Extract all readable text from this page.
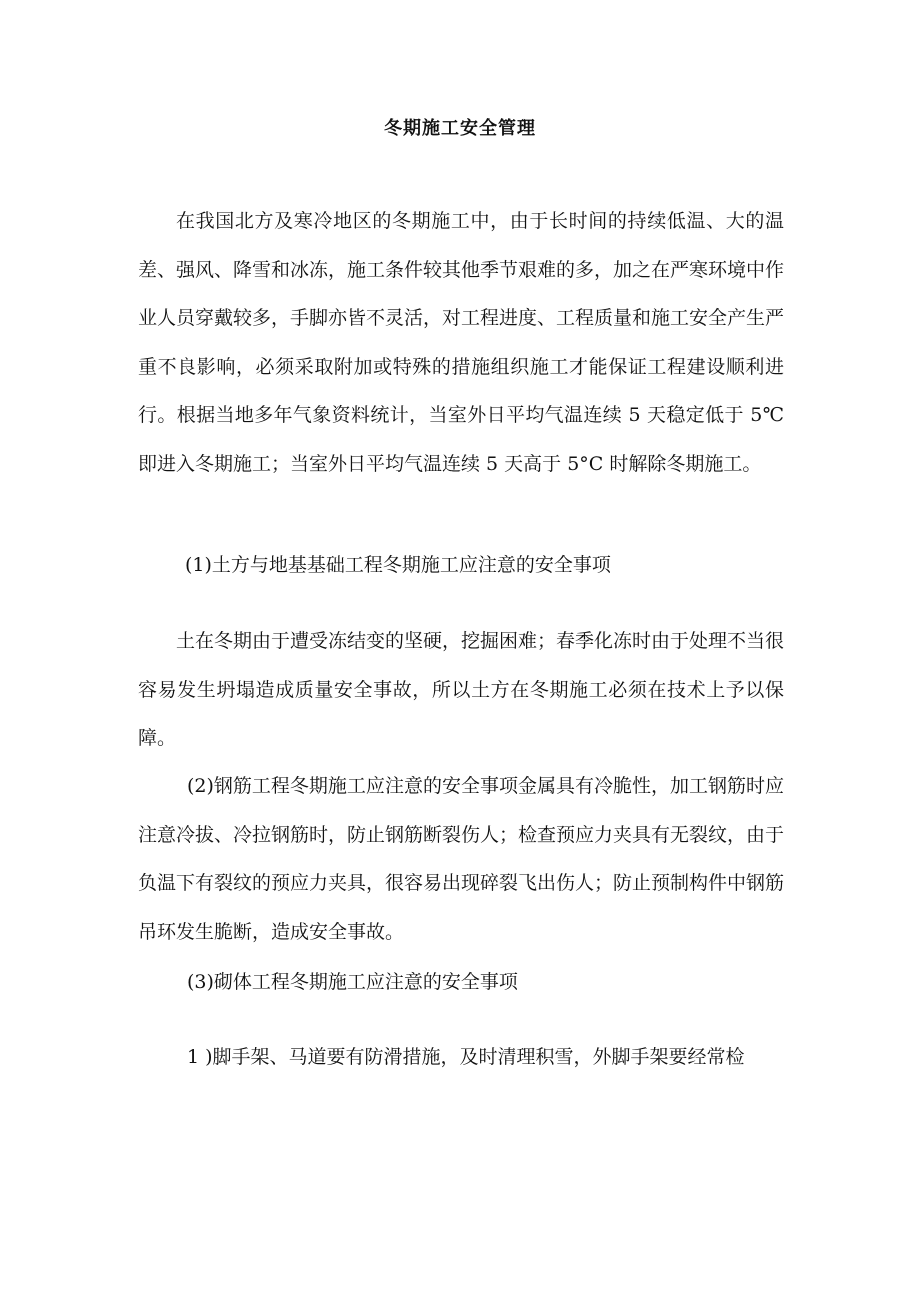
冬期施工安全管理

在我国北方及寒冷地区的冬期施工中，由于长时间的持续低温、大的温差、强风、降雪和冰冻，施工条件较其他季节艰难的多，加之在严寒环境中作业人员穿戴较多，手脚亦皆不灵活，对工程进度、工程质量和施工安全产生严重不良影响，必须采取附加或特殊的措施组织施工才能保证工程建设顺利进行。根据当地多年气象资料统计，当室外日平均气温连续 5 天稳定低于 5℃即进入冬期施工；当室外日平均气温连续 5 天高于 5°C 时解除冬期施工。

(1)土方与地基基础工程冬期施工应注意的安全事项

土在冬期由于遭受冻结变的坚硬，挖掘困难；春季化冻时由于处理不当很容易发生坍塌造成质量安全事故，所以土方在冬期施工必须在技术上予以保障。

(2)钢筋工程冬期施工应注意的安全事项金属具有冷脆性，加工钢筋时应注意冷拔、冷拉钢筋时，防止钢筋断裂伤人；检查预应力夹具有无裂纹，由于负温下有裂纹的预应力夹具，很容易出现碎裂飞出伤人；防止预制构件中钢筋吊环发生脆断，造成安全事故。

(3)砌体工程冬期施工应注意的安全事项

1 )脚手架、马道要有防滑措施，及时清理积雪，外脚手架要经常检
